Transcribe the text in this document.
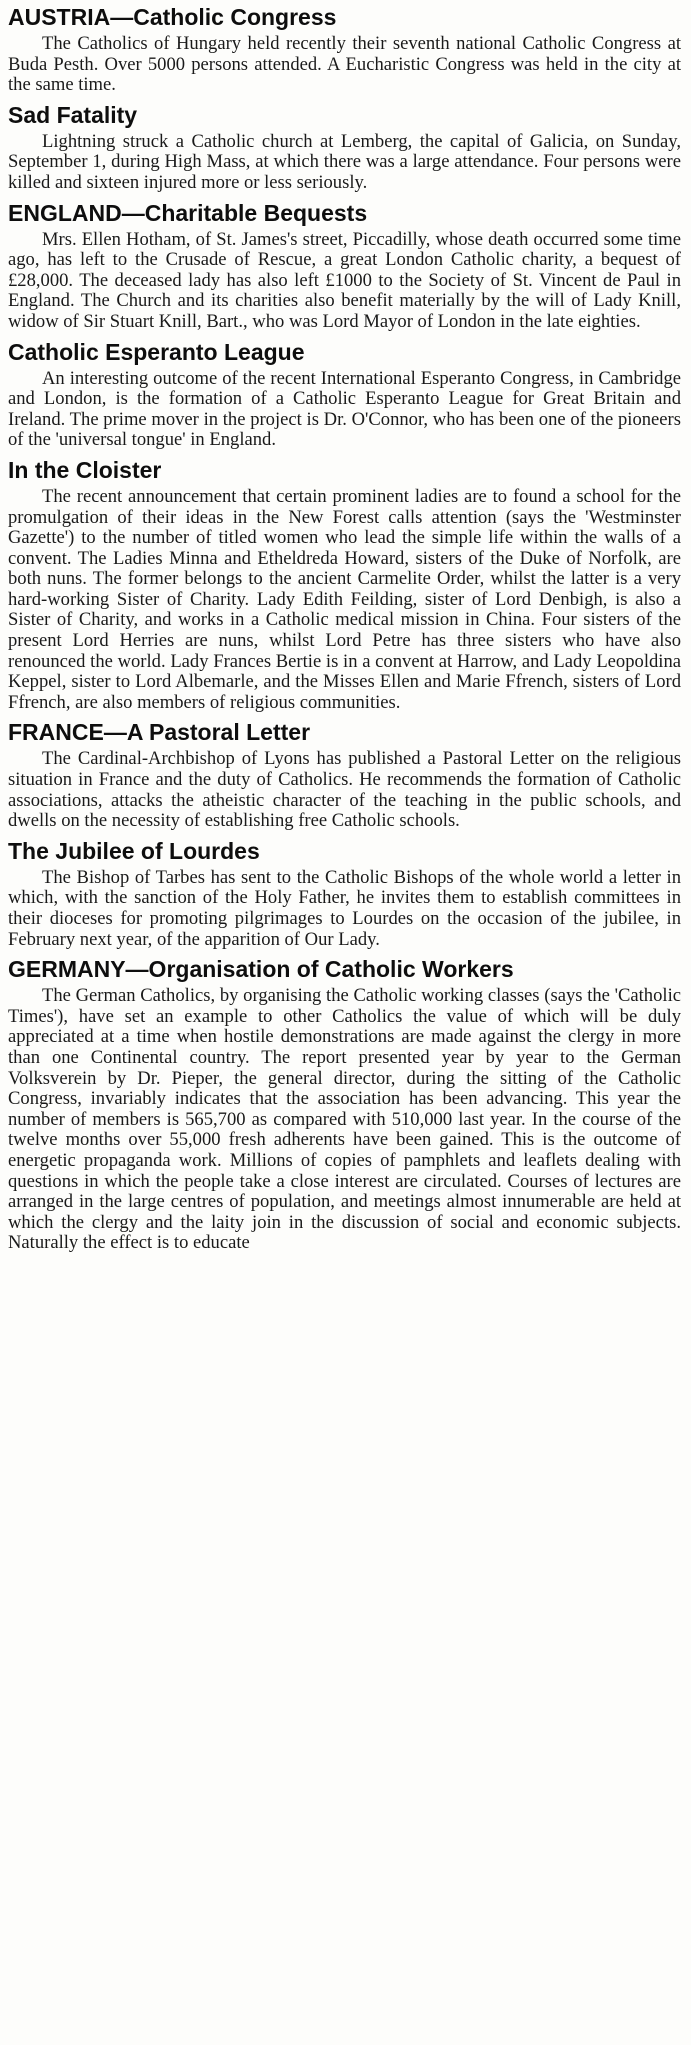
AUSTRIA—Catholic Congress

The Catholics of Hungary held recently their seventh national Catholic Congress at Buda Pesth. Over 5000 persons attended. A Eucharistic Congress was held in the city at the same time.

Sad Fatality

Lightning struck a Catholic church at Lemberg, the capital of Galicia, on Sunday, September 1, during High Mass, at which there was a large attendance. Four persons were killed and sixteen injured more or less seriously.

ENGLAND—Charitable Bequests

Mrs. Ellen Hotham, of St. James's street, Piccadilly, whose death occurred some time ago, has left to the Crusade of Rescue, a great London Catholic charity, a bequest of £28,000. The deceased lady has also left £1000 to the Society of St. Vincent de Paul in England. The Church and its charities also benefit materially by the will of Lady Knill, widow of Sir Stuart Knill, Bart., who was Lord Mayor of London in the late eighties.

Catholic Esperanto League

An interesting outcome of the recent International Esperanto Congress, in Cambridge and London, is the formation of a Catholic Esperanto League for Great Britain and Ireland. The prime mover in the project is Dr. O'Connor, who has been one of the pioneers of the 'universal tongue' in England.

In the Cloister

The recent announcement that certain prominent ladies are to found a school for the promulgation of their ideas in the New Forest calls attention (says the 'Westminster Gazette') to the number of titled women who lead the simple life within the walls of a convent. The Ladies Minna and Etheldreda Howard, sisters of the Duke of Norfolk, are both nuns. The former belongs to the ancient Carmelite Order, whilst the latter is a very hard-working Sister of Charity. Lady Edith Feilding, sister of Lord Denbigh, is also a Sister of Charity, and works in a Catholic medical mission in China. Four sisters of the present Lord Herries are nuns, whilst Lord Petre has three sisters who have also renounced the world. Lady Frances Bertie is in a convent at Harrow, and Lady Leopoldina Keppel, sister to Lord Albemarle, and the Misses Ellen and Marie Ffrench, sisters of Lord Ffrench, are also members of religious communities.

FRANCE—A Pastoral Letter

The Cardinal-Archbishop of Lyons has published a Pastoral Letter on the religious situation in France and the duty of Catholics. He recommends the formation of Catholic associations, attacks the atheistic character of the teaching in the public schools, and dwells on the necessity of establishing free Catholic schools.

The Jubilee of Lourdes

The Bishop of Tarbes has sent to the Catholic Bishops of the whole world a letter in which, with the sanction of the Holy Father, he invites them to establish committees in their dioceses for promoting pilgrimages to Lourdes on the occasion of the jubilee, in February next year, of the apparition of Our Lady.

GERMANY—Organisation of Catholic Workers

The German Catholics, by organising the Catholic working classes (says the 'Catholic Times'), have set an example to other Catholics the value of which will be duly appreciated at a time when hostile demonstrations are made against the clergy in more than one Continental country. The report presented year by year to the German Volksverein by Dr. Pieper, the general director, during the sitting of the Catholic Congress, invariably indicates that the association has been advancing. This year the number of members is 565,700 as compared with 510,000 last year. In the course of the twelve months over 55,000 fresh adherents have been gained. This is the outcome of energetic propaganda work. Millions of copies of pamphlets and leaflets dealing with questions in which the people take a close interest are circulated. Courses of lectures are arranged in the large centres of population, and meetings almost innumerable are held at which the clergy and the laity join in the discussion of social and economic subjects. Naturally the effect is to educate
